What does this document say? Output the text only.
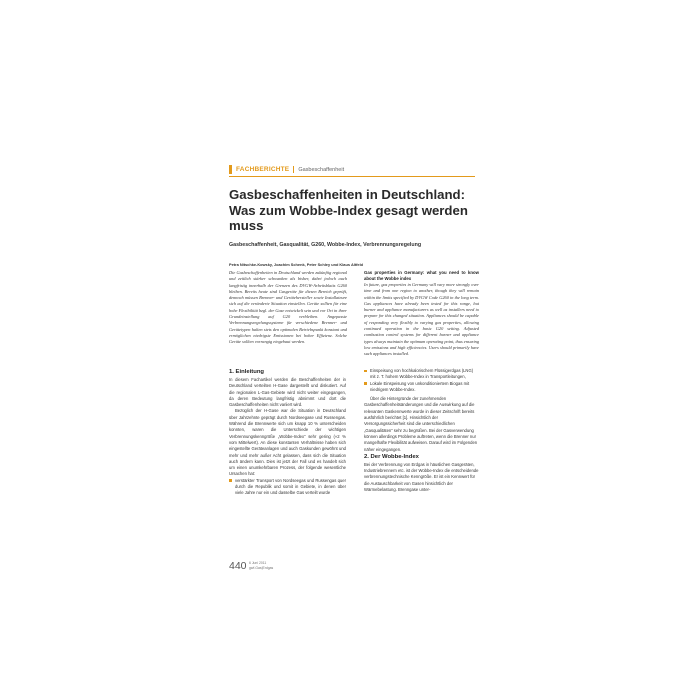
FACHBERICHTE Gasbeschaffenheit
Gasbeschaffenheiten in Deutschland:
Was zum Wobbe-Index gesagt werden
muss
Gasbeschaffenheit, Gasqualität, G260, Wobbe-Index, Verbrennungsregelung
Petra Nitschke-Kowsky, Joachim Schenk, Peter Schley und Klaus Altfeld

Die Gasbeschaffenheiten in Deutschland werden zukünftig regional und zeitlich stärker schwanken als bisher, dabei jedoch auch langfristig innerhalb der Grenzen des DVGW-Arbeitsblatts G260 bleiben. Bereits heute sind Gasgeräte für diesen Bereich geprüft, dennoch müssen Brenner- und Gerätehersteller sowie Installateure sich auf die veränderte Situation einstellen. Geräte sollten für eine hohe Flexibilität bzgl. der Gase entwickelt sein und vor Ort in ihrer Grundeinstellung auf G20 verbleiben. Angepasste Verbrennungsregelungssysteme für verschiedene Brenner- und Gerätetypen halten stets den optimalen Betriebspunkt konstant und ermöglichen niedrigste Emissionen bei hoher Effizienz. Solche Geräte sollten vorrangig eingebaut werden.

Gas properties in Germany: what you need to know about the Wobbe index

In future, gas properties in Germany will vary more strongly over time and from one region to another, though they will remain within the limits specified by DVGW Code G260 in the long term. Gas appliances have already been tested for this range, but burner and appliance manufacturers as well as installers need to prepare for this changed situation. Appliances should be capable of responding very flexibly to varying gas properties, allowing continued operation in the basic G20 setting. Adjusted combustion control systems for different burner and appliance types always maintain the optimum operating point, thus ensuring low emissions and high efficiencies. Users should primarily have such appliances installed.

1. Einleitung

In diesem Fachartikel werden die Beschaffenheiten der in Deutschland verteilten H-Gase dargestellt und diskutiert. Auf die regionalen L-Gas-Gebiete wird nicht weiter eingegangen, da deren Bedeutung langfristig abnimmt und dort die Gasbeschaffenheiten nicht variiert wird.

Bezüglich der H-Gase war die Situation in Deutschland über Jahrzehnte geprägt durch Nordseegase und Russengas. Während die Brennwerte sich um knapp 10 % unterscheiden konnten, waren die Unterschiede der wichtigen Verbrennungskenngröße „Wobbe-Index“ sehr gering (»2 % vom Mittelwert). An diese konstanten Verhältnisse haben sich eingestellte Geräteanlagen und auch Gaskunden gewöhnt und mehr und mehr außer Acht gelassen, dass sich die Situation auch ändern kann. Dies ist jetzt der Fall und es handelt sich um einen unumkehrbaren Prozess, der folgende wesentliche Ursachen hat:

verstärkter Transport von Nordseegas und Russengas quer durch die Republik und somit in Gebiete, in denen über viele Jahre nur ein und dasselbe Gas verteilt wurde
Einspeisung von hochkalorischem Flüssigerdgas (LNG) mit z. T. hohem Wobbe-Index in Transportleitungen,
Lokale Einspeisung von unkonditioniertem Biogas mit niedrigem Wobbe-Index.

Über die Hintergründe der zunehmenden Gasbeschaffenheitsänderungen und die Auswirkung auf die relevanten Gaskennwerte wurde in dieser Zeitschrift bereits ausführlich berichtet [1]. Hinsichtlich der Versorgungssicherheit sind die unterschiedlichen „Gasqualitäten“ sehr zu begrüßen. Bei der Gasverwendung können allerdings Probleme auftreten, wenn die Brenner nur mangelhafte Flexibilität aufweisen. Darauf wird im Folgenden näher eingegangen.

2. Der Wobbe-Index

Bei der Verbrennung von Erdgas in häuslichen Gasgeräten, Industriebrennern etc. ist der Wobbe-Index die entscheidende verbrennungstechnische Kenngröße. Er ist ein Kennwert für die Austauschbarkeit von Gasen hinsichtlich der Wärmebelastung. Brenngase unter-

440 6 Juni 2011
gwf-Gas|Erdgas
